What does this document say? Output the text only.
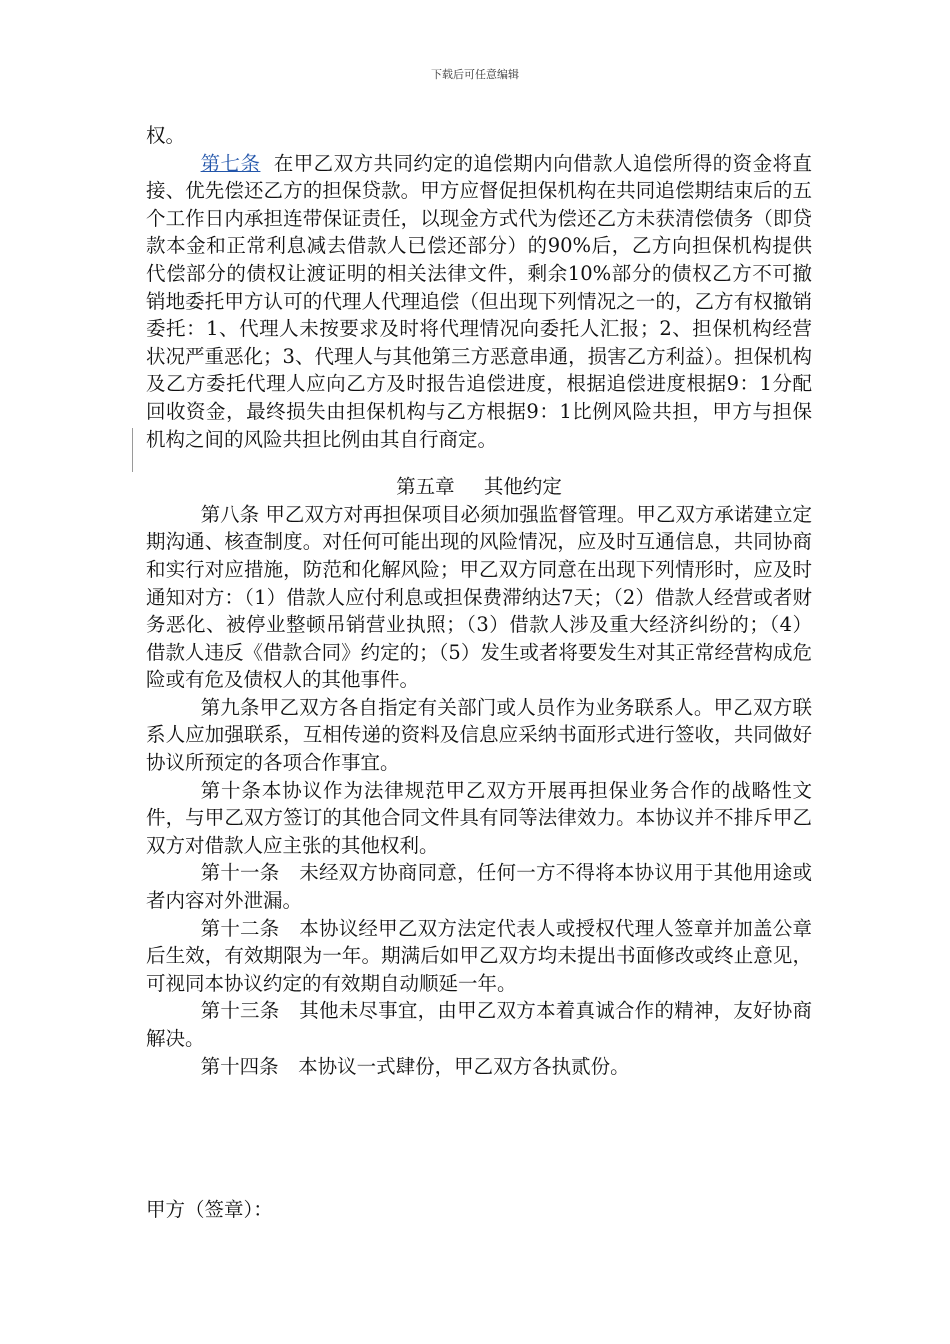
下载后可任意编辑

权。

第七条 在甲乙双方共同约定的追偿期内向借款人追偿所得的资金将直接、优先偿还乙方的担保贷款。甲方应督促担保机构在共同追偿期结束后的五个工作日内承担连带保证责任，以现金方式代为偿还乙方未获清偿债务（即贷款本金和正常利息减去借款人已偿还部分）的90%后，乙方向担保机构提供代偿部分的债权让渡证明的相关法律文件，剩余10%部分的债权乙方不可撤销地委托甲方认可的代理人代理追偿（但出现下列情况之一的，乙方有权撤销委托：1、代理人未按要求及时将代理情况向委托人汇报；2、担保机构经营状况严重恶化；3、代理人与其他第三方恶意串通，损害乙方利益）。担保机构及乙方委托代理人应向乙方及时报告追偿进度，根据追偿进度根据9：1分配回收资金，最终损失由担保机构与乙方根据9：1比例风险共担，甲方与担保机构之间的风险共担比例由其自行商定。

第五章 其他约定

第八条 甲乙双方对再担保项目必须加强监督管理。甲乙双方承诺建立定期沟通、核查制度。对任何可能出现的风险情况，应及时互通信息，共同协商和实行对应措施，防范和化解风险；甲乙双方同意在出现下列情形时，应及时通知对方：（1）借款人应付利息或担保费滞纳达7天；（2）借款人经营或者财务恶化、被停业整顿吊销营业执照；（3）借款人涉及重大经济纠纷的；（4）借款人违反《借款合同》约定的；（5）发生或者将要发生对其正常经营构成危险或有危及债权人的其他事件。

第九条甲乙双方各自指定有关部门或人员作为业务联系人。甲乙双方联系人应加强联系，互相传递的资料及信息应采纳书面形式进行签收，共同做好协议所预定的各项合作事宜。

第十条本协议作为法律规范甲乙双方开展再担保业务合作的战略性文件，与甲乙双方签订的其他合同文件具有同等法律效力。本协议并不排斥甲乙双方对借款人应主张的其他权利。

第十一条　未经双方协商同意，任何一方不得将本协议用于其他用途或者内容对外泄漏。

第十二条　本协议经甲乙双方法定代表人或授权代理人签章并加盖公章后生效，有效期限为一年。期满后如甲乙双方均未提出书面修改或终止意见，可视同本协议约定的有效期自动顺延一年。

第十三条　其他未尽事宜，由甲乙双方本着真诚合作的精神，友好协商解决。

第十四条　本协议一式肆份，甲乙双方各执贰份。

甲方（签章）：
